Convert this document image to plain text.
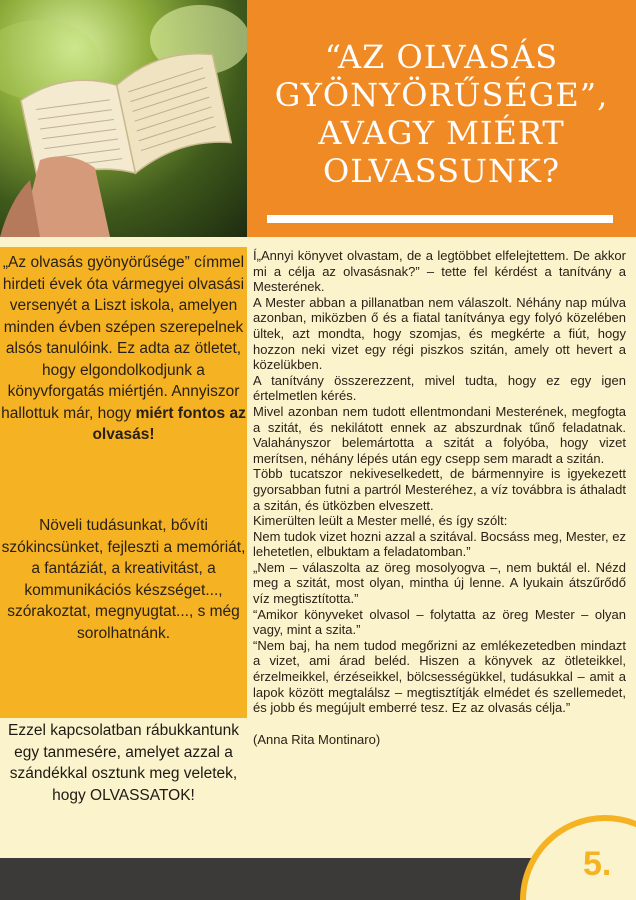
“AZ OLVASÁS
GYÖNYÖRŰSÉGE”,
AVAGY MIÉRT
OLVASSUNK?
„Az olvasás gyönyörűsége” címmel hirdeti évek óta vármegyei olvasási versenyét a Liszt iskola, amelyen minden évben szépen szerepelnek alsós tanulóink. Ez adta az ötletet, hogy elgondolkodjunk a könyvforgatás miértjén. Annyiszor hallottuk már, hogy miért fontos az olvasás!
Növeli tudásunkat, bővíti szókincsünket, fejleszti a memóriát, a fantáziát, a kreativitást, a kommunikációs készséget..., szórakoztat, megnyugtat..., s még sorolhatnánk.
Ezzel kapcsolatban rábukkantunk egy tanmesére, amelyet azzal a szándékkal osztunk meg veletek, hogy OLVASSATOK!

Í„Annyi könyvet olvastam, de a legtöbbet elfelejtettem. De akkor mi a célja az olvasásnak?” – tette fel kérdést a tanítvány a Mesterének.

A Mester abban a pillanatban nem válaszolt. Néhány nap múlva azonban, miközben ő és a fiatal tanítványa egy folyó közelében ültek, azt mondta, hogy szomjas, és megkérte a fiút, hogy hozzon neki vizet egy régi piszkos szitán, amely ott hevert a közelükben.

A tanítvány összerezzent, mivel tudta, hogy ez egy igen értelmetlen kérés.

Mivel azonban nem tudott ellentmondani Mesterének, megfogta a szitát, és nekilátott ennek az abszurdnak tűnő feladatnak. Valahányszor belemártotta a szitát a folyóba, hogy vizet merítsen, néhány lépés után egy csepp sem maradt a szitán.

Több tucatszor nekiveselkedett, de bármennyire is igyekezett gyorsabban futni a partról Mesteréhez, a víz továbbra is áthaladt a szitán, és ütközben elveszett.

Kimerülten leült a Mester mellé, és így szólt:

Nem tudok vizet hozni azzal a szitával. Bocsáss meg, Mester, ez lehetetlen, elbuktam a feladatomban.”

„Nem – válaszolta az öreg mosolyogva –, nem buktál el. Nézd meg a szitát, most olyan, mintha új lenne. A lyukain átszűrődő víz megtisztította.”

“Amikor könyveket olvasol – folytatta az öreg Mester – olyan vagy, mint a szita.”

“Nem baj, ha nem tudod megőrizni az emlékezetedben mindazt a vizet, ami árad beléd. Hiszen a könyvek az ötleteikkel, érzelmeikkel, érzéseikkel, bölcsességükkel, tudásukkal – amit a lapok között megtalálsz – megtisztítják elmédet és szellemedet, és jobb és megújult emberré tesz. Ez az olvasás célja.”

(Anna Rita Montinaro)

5.
